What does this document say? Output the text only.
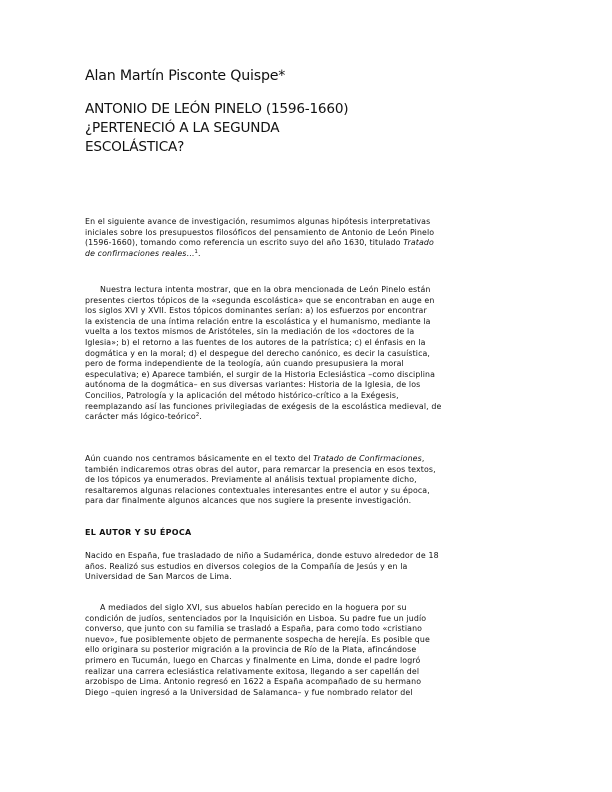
Alan Martín Pisconte Quispe*
ANTONIO DE LEÓN PINELO (1596-1660)
¿PERTENECIÓ A LA SEGUNDA
ESCOLÁSTICA?
En el siguiente avance de investigación, resumimos algunas hipótesis interpretativas
iniciales sobre los presupuestos filosóficos del pensamiento de Antonio de León Pinelo
(1596-1660), tomando como referencia un escrito suyo del año 1630, titulado Tratado
de confirmaciones reales...$^1$.
Nuestra lectura intenta mostrar, que en la obra mencionada de León Pinelo están
presentes ciertos tópicos de la «segunda escolástica» que se encontraban en auge en
los siglos XVI y XVII. Estos tópicos dominantes serían: a) los esfuerzos por encontrar
la existencia de una íntima relación entre la escolástica y el humanismo, mediante la
vuelta a los textos mismos de Aristóteles, sin la mediación de los «doctores de la
Iglesia»; b) el retorno a las fuentes de los autores de la patrística; c) el énfasis en la
dogmática y en la moral; d) el despegue del derecho canónico, es decir la casuística,
pero de forma independiente de la teología, aún cuando presupusiera la moral
especulativa; e) Aparece también, el surgir de la Historia Eclesiástica –como disciplina
autónoma de la dogmática– en sus diversas variantes: Historia de la Iglesia, de los
Concilios, Patrología y la aplicación del método histórico-crítico a la Exégesis,
reemplazando así las funciones privilegiadas de exégesis de la escolástica medieval, de
carácter más lógico-teórico$^2$.
Aún cuando nos centramos básicamente en el texto del Tratado de Confirmaciones,
también indicaremos otras obras del autor, para remarcar la presencia en esos textos,
de los tópicos ya enumerados. Previamente al análisis textual propiamente dicho,
resaltaremos algunas relaciones contextuales interesantes entre el autor y su época,
para dar finalmente algunos alcances que nos sugiere la presente investigación.
EL AUTOR Y SU ÉPOCA
Nacido en España, fue trasladado de niño a Sudamérica, donde estuvo alrededor de 18
años. Realizó sus estudios en diversos colegios de la Compañía de Jesús y en la
Universidad de San Marcos de Lima.
A mediados del siglo XVI, sus abuelos habían perecido en la hoguera por su
condición de judíos, sentenciados por la Inquisición en Lisboa. Su padre fue un judío
converso, que junto con su familia se trasladó a España, para como todo «cristiano
nuevo», fue posiblemente objeto de permanente sospecha de herejía. Es posible que
ello originara su posterior migración a la provincia de Río de la Plata, afincándose
primero en Tucumán, luego en Charcas y finalmente en Lima, donde el padre logró
realizar una carrera eclesiástica relativamente exitosa, llegando a ser capellán del
arzobispo de Lima. Antonio regresó en 1622 a España acompañado de su hermano
Diego –quien ingresó a la Universidad de Salamanca– y fue nombrado relator del
